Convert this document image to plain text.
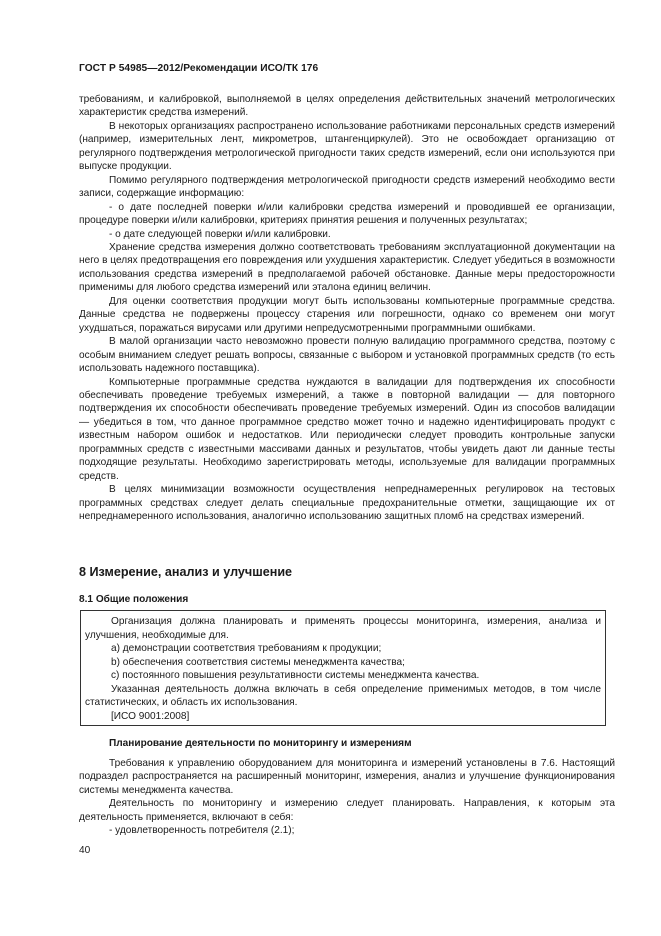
ГОСТ Р 54985—2012/Рекомендации ИСО/ТК 176

требованиям, и калибровкой, выполняемой в целях определения действительных значений метрологических характеристик средства измерений.

В некоторых организациях распространено использование работниками персональных средств измерений (например, измерительных лент, микрометров, штангенциркулей). Это не освобождает организацию от регулярного подтверждения метрологической пригодности таких средств измерений, если они используются при выпуске продукции.

Помимо регулярного подтверждения метрологической пригодности средств измерений необходимо вести записи, содержащие информацию:

- о дате последней поверки и/или калибровки средства измерений и проводившей ее организации, процедуре поверки и/или калибровки, критериях принятия решения и полученных результатах;

- о дате следующей поверки и/или калибровки.

Хранение средства измерения должно соответствовать требованиям эксплуатационной документации на него в целях предотвращения его повреждения или ухудшения характеристик. Следует убедиться в возможности использования средства измерений в предполагаемой рабочей обстановке. Данные меры предосторожности применимы для любого средства измерений или эталона единиц величин.

Для оценки соответствия продукции могут быть использованы компьютерные программные средства. Данные средства не подвержены процессу старения или погрешности, однако со временем они могут ухудшаться, поражаться вирусами или другими непредусмотренными программными ошибками.

В малой организации часто невозможно провести полную валидацию программного средства, поэтому с особым вниманием следует решать вопросы, связанные с выбором и установкой программных средств (то есть использовать надежного поставщика).

Компьютерные программные средства нуждаются в валидации для подтверждения их способности обеспечивать проведение требуемых измерений, а также в повторной валидации — для повторного подтверждения их способности обеспечивать проведение требуемых измерений. Один из способов валидации — убедиться в том, что данное программное средство может точно и надежно идентифицировать продукт с известным набором ошибок и недостатков. Или периодически следует проводить контрольные запуски программных средств с известными массивами данных и результатов, чтобы увидеть дают ли данные тесты подходящие результаты. Необходимо зарегистрировать методы, используемые для валидации программных средств.

В целях минимизации возможности осуществления непреднамеренных регулировок на тестовых программных средствах следует делать специальные предохранительные отметки, защищающие их от непреднамеренного использования, аналогично использованию защитных пломб на средствах измерений.

8 Измерение, анализ и улучшение
8.1 Общие положения

Организация должна планировать и применять процессы мониторинга, измерения, анализа и улучшения, необходимые для.

a) демонстрации соответствия требованиям к продукции;

b) обеспечения соответствия системы менеджмента качества;

c) постоянного повышения результативности системы менеджмента качества.

Указанная деятельность должна включать в себя определение применимых методов, в том числе статистических, и область их использования.

[ИСО 9001:2008]

Планирование деятельности по мониторингу и измерениям

Требования к управлению оборудованием для мониторинга и измерений установлены в 7.6. Настоящий подраздел распространяется на расширенный мониторинг, измерения, анализ и улучшение функционирования системы менеджмента качества.

Деятельность по мониторингу и измерению следует планировать. Направления, к которым эта деятельность применяется, включают в себя:

- удовлетворенность потребителя (2.1);

40
